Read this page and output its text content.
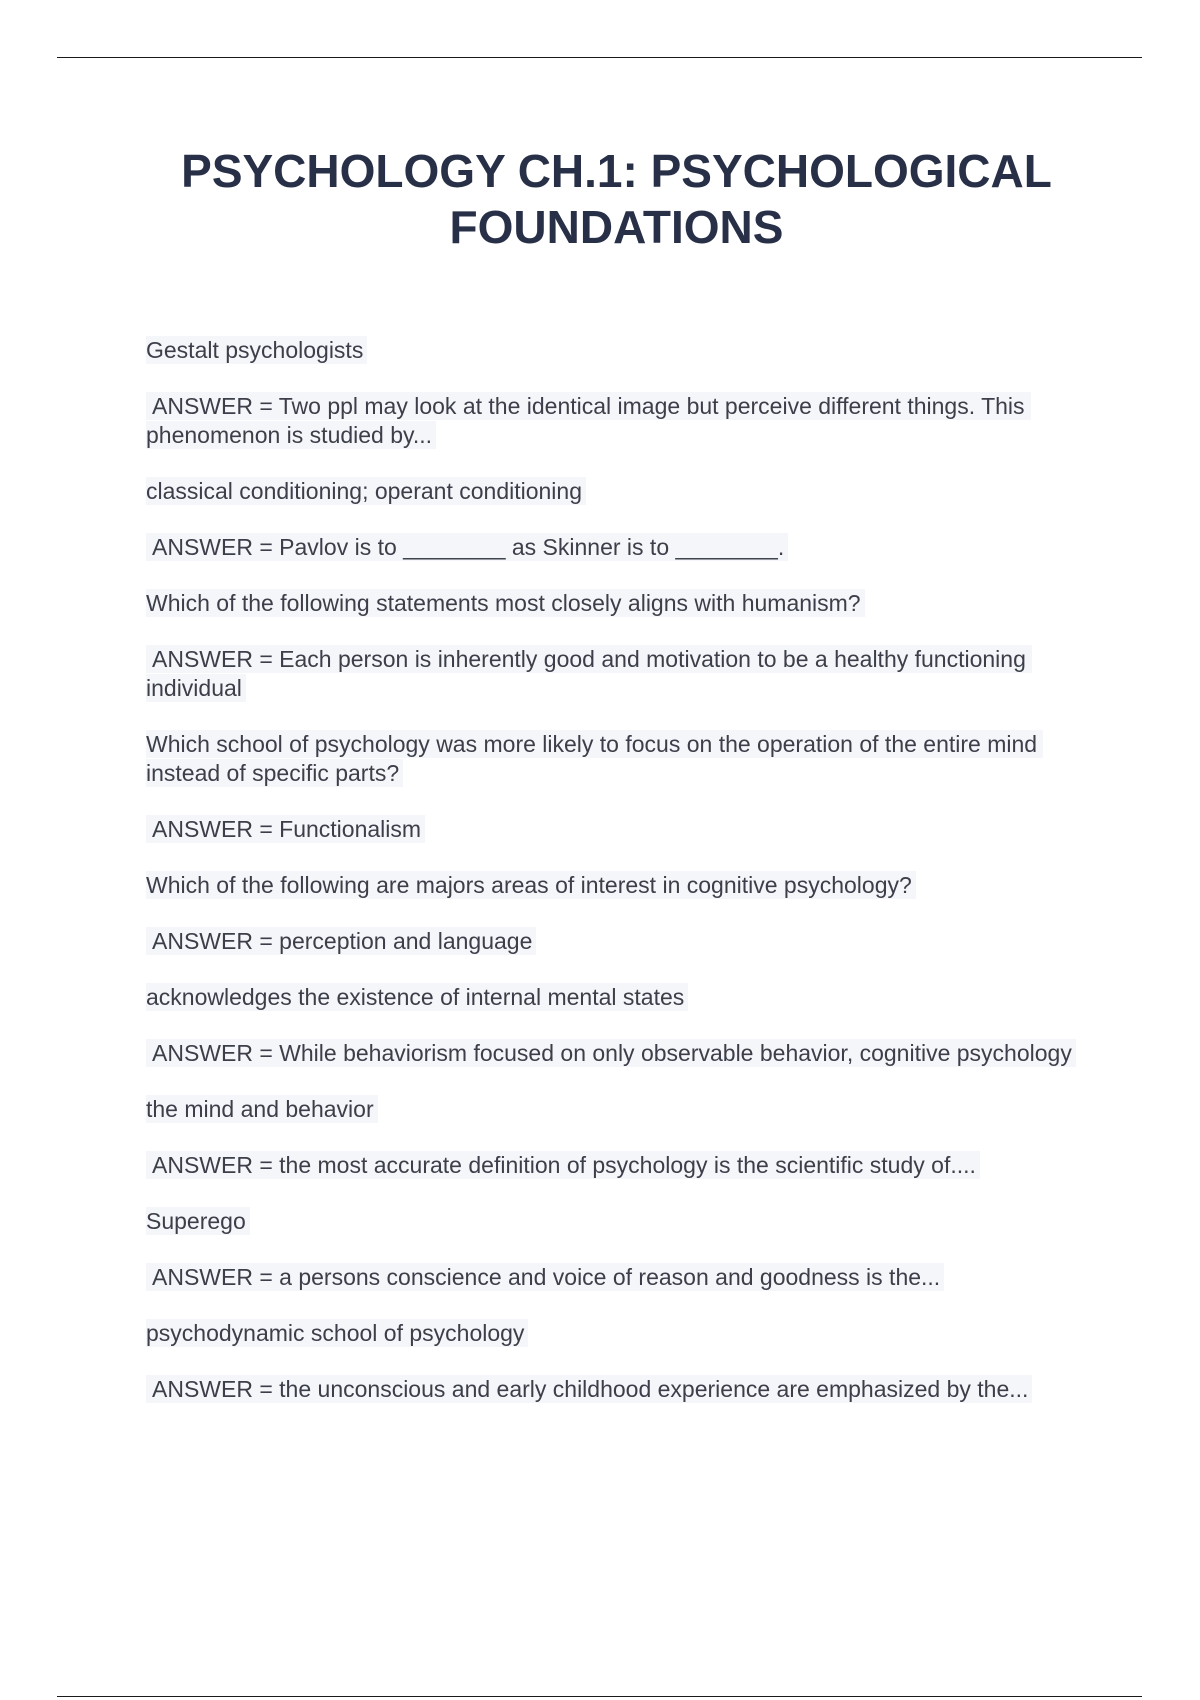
PSYCHOLOGY CH.1: PSYCHOLOGICAL FOUNDATIONS

Gestalt psychologists

ANSWER = Two ppl may look at the identical image but perceive different things. This phenomenon is studied by...

classical conditioning; operant conditioning

ANSWER = Pavlov is to ________ as Skinner is to ________.

Which of the following statements most closely aligns with humanism?

ANSWER = Each person is inherently good and motivation to be a healthy functioning individual

Which school of psychology was more likely to focus on the operation of the entire mind instead of specific parts?

ANSWER = Functionalism

Which of the following are majors areas of interest in cognitive psychology?

ANSWER = perception and language

acknowledges the existence of internal mental states

ANSWER = While behaviorism focused on only observable behavior, cognitive psychology

the mind and behavior

ANSWER = the most accurate definition of psychology is the scientific study of....

Superego

ANSWER = a persons conscience and voice of reason and goodness is the...

psychodynamic school of psychology

ANSWER = the unconscious and early childhood experience are emphasized by the...
